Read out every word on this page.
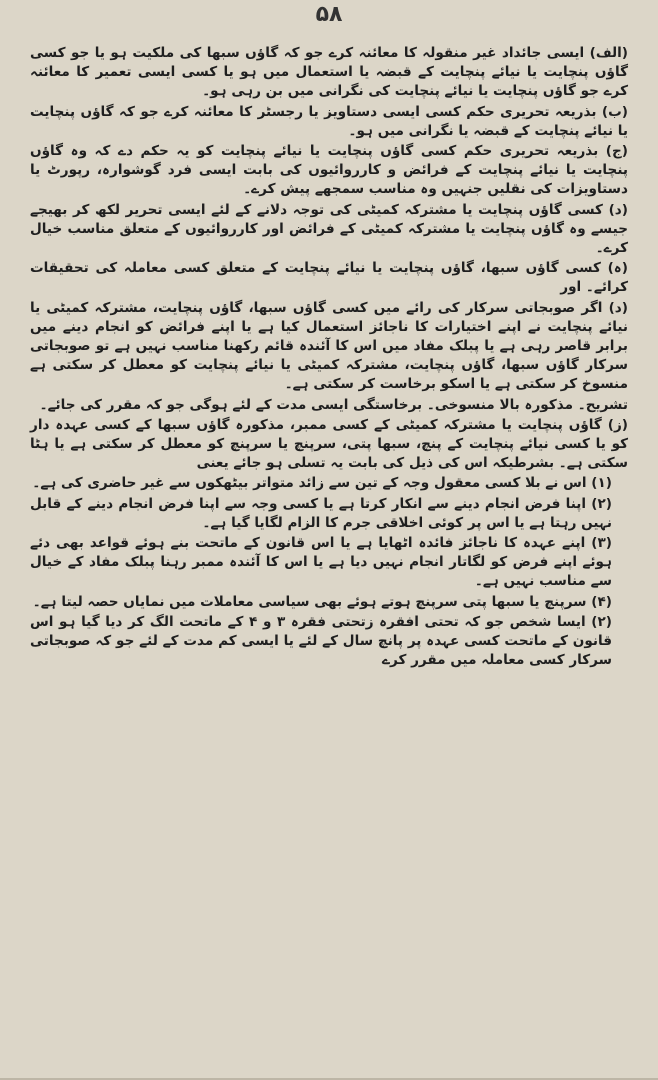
۵۸

(الف) ایسی جائداد غیر منقولہ کا معائنہ کرے جو کہ گاؤں سبھا کی ملکیت ہو یا جو کسی گاؤں پنچایت یا نیائے پنچایت کے قبضہ یا استعمال میں ہو یا کسی ایسی تعمیر کا معائنہ کرے جو گاؤں پنچایت یا نیائے پنچایت کی نگرانی میں بن رہی ہو۔

(ب) بذریعہ تحریری حکم کسی ایسی دستاویز یا رجسٹر کا معائنہ کرے جو کہ گاؤں پنچایت یا نیائے پنچایت کے قبضہ یا نگرانی میں ہو۔

(ج) بذریعہ تحریری حکم کسی گاؤں پنچایت یا نیائے پنچایت کو یہ حکم دے کہ وہ گاؤں پنچایت یا نیائے پنچایت کے فرائض و کارروائیوں کی بابت ایسی فرد گوشوارہ، رپورٹ یا دستاویزات کی نقلیں جنہیں وہ مناسب سمجھے پیش کرے۔

(د) کسی گاؤں پنچایت یا مشترکہ کمیٹی کی توجہ دلانے کے لئے ایسی تحریر لکھ کر بھیجے جیسے وہ گاؤں پنچایت یا مشترکہ کمیٹی کے فرائض اور کارروائیوں کے متعلق مناسب خیال کرے۔

(ہ) کسی گاؤں سبھا، گاؤں پنچایت یا نیائے پنچایت کے متعلق کسی معاملہ کی تحقیقات کرائے۔ اور

(د) اگر صوبجاتی سرکار کی رائے میں کسی گاؤں سبھا، گاؤں پنچایت، مشترکہ کمیٹی یا نیائے پنچایت نے اپنے اختیارات کا ناجائز استعمال کیا ہے یا اپنے فرائض کو انجام دینے میں برابر قاصر رہی ہے یا پبلک مفاد میں اس کا آئندہ قائم رکھنا مناسب نہیں ہے تو صوبجاتی سرکار گاؤں سبھا، گاؤں پنچایت، مشترکہ کمیٹی یا نیائے پنچایت کو معطل کر سکتی ہے منسوخ کر سکتی ہے یا اسکو برخاست کر سکتی ہے۔

تشریح۔ مذکورہ بالا منسوخی۔ برخاستگی ایسی مدت کے لئے ہوگی جو کہ مقرر کی جائے۔

(ز) گاؤں پنچایت یا مشترکہ کمیٹی کے کسی ممبر، مذکورہ گاؤں سبھا کے کسی عہدہ دار کو یا کسی نیائے پنچایت کے پنچ، سبھا پتی، سرپنچ یا سرپنچ کو معطل کر سکتی ہے یا ہٹا سکتی ہے۔ بشرطیکہ اس کی ذیل کی بابت یہ تسلی ہو جائے یعنی

(۱) اس نے بلا کسی معقول وجہ کے تین سے زائد متواتر بیٹھکوں سے غیر حاضری کی ہے۔

(۲) اپنا فرض انجام دینے سے انکار کرتا ہے یا کسی وجہ سے اپنا فرض انجام دینے کے قابل نہیں رہتا ہے یا اس پر کوئی اخلاقی جرم کا الزام لگایا گیا ہے۔

(۳) اپنے عہدہ کا ناجائز فائدہ اٹھایا ہے یا اس قانون کے ماتحت بنے ہوئے قواعد بھی دئے ہوئے اپنے فرض کو لگاتار انجام نہیں دیا ہے یا اس کا آئندہ ممبر رہنا پبلک مفاد کے خیال سے مناسب نہیں ہے۔

(۴) سرپنچ یا سبھا پتی سرپنچ ہوتے ہوئے بھی سیاسی معاملات میں نمایاں حصہ لیتا ہے۔

(۲) ایسا شخص جو کہ تحتی افقرہ زتحتی فقرہ ۳ و ۴ کے ماتحت الگ کر دیا گیا ہو اس قانون کے ماتحت کسی عہدہ پر پانچ سال کے لئے یا ایسی کم مدت کے لئے جو کہ صوبجاتی سرکار کسی معاملہ میں مقرر کرے
